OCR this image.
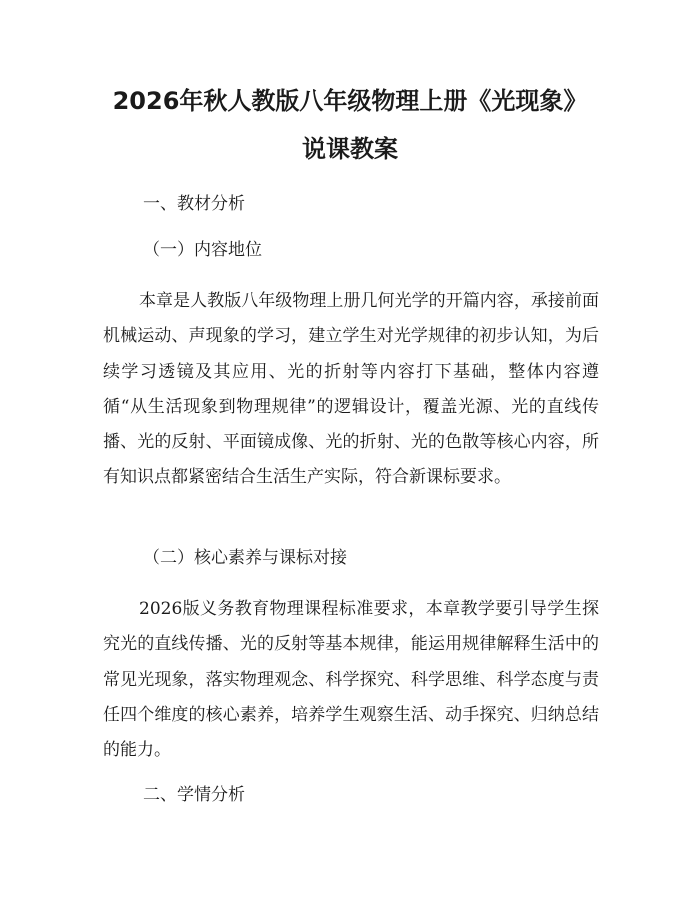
2026年秋人教版八年级物理上册《光现象》
说课教案

一、教材分析

（一）内容地位

本章是人教版八年级物理上册几何光学的开篇内容，承接前面机械运动、声现象的学习，建立学生对光学规律的初步认知，为后续学习透镜及其应用、光的折射等内容打下基础，整体内容遵循“从生活现象到物理规律”的逻辑设计，覆盖光源、光的直线传播、光的反射、平面镜成像、光的折射、光的色散等核心内容，所有知识点都紧密结合生活生产实际，符合新课标要求。

（二）核心素养与课标对接

2026版义务教育物理课程标准要求，本章教学要引导学生探究光的直线传播、光的反射等基本规律，能运用规律解释生活中的常见光现象，落实物理观念、科学探究、科学思维、科学态度与责任四个维度的核心素养，培养学生观察生活、动手探究、归纳总结的能力。

二、学情分析
